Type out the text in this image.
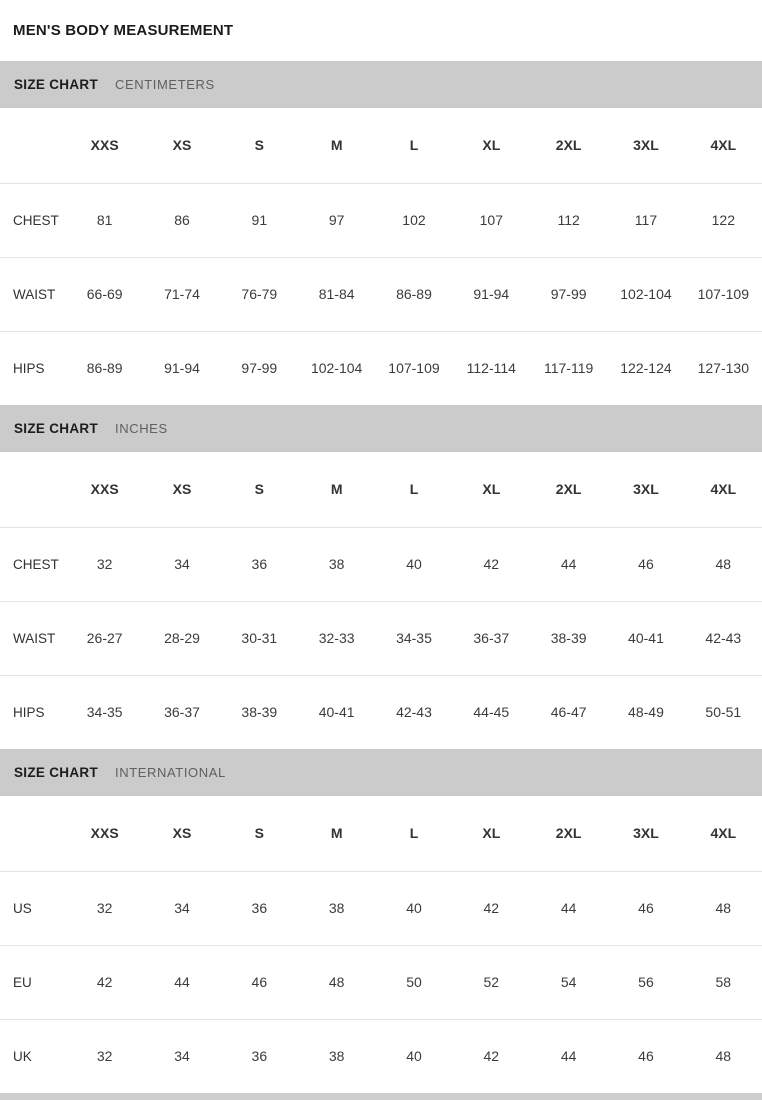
MEN'S BODY MEASUREMENT
SIZE CHART CENTIMETERS
	XXS	XS	S	M	L	XL	2XL	3XL	4XL
CHEST	81	86	91	97	102	107	112	117	122
WAIST	66-69	71-74	76-79	81-84	86-89	91-94	97-99	102-104	107-109
HIPS	86-89	91-94	97-99	102-104	107-109	112-114	117-119	122-124	127-130
SIZE CHART INCHES
	XXS	XS	S	M	L	XL	2XL	3XL	4XL
CHEST	32	34	36	38	40	42	44	46	48
WAIST	26-27	28-29	30-31	32-33	34-35	36-37	38-39	40-41	42-43
HIPS	34-35	36-37	38-39	40-41	42-43	44-45	46-47	48-49	50-51
SIZE CHART INTERNATIONAL
	XXS	XS	S	M	L	XL	2XL	3XL	4XL
US	32	34	36	38	40	42	44	46	48
EU	42	44	46	48	50	52	54	56	58
UK	32	34	36	38	40	42	44	46	48
